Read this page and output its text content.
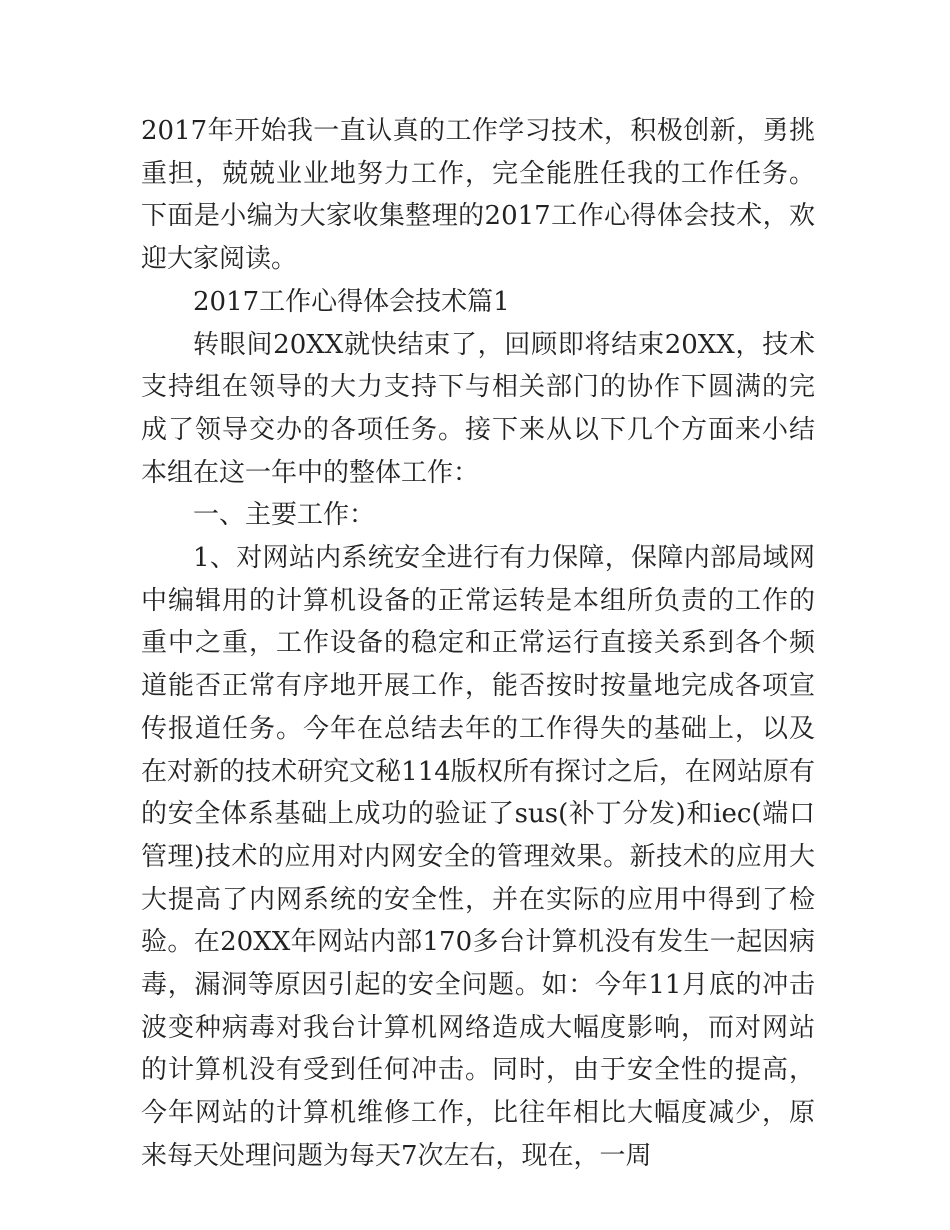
2017年开始我一直认真的工作学习技术，积极创新，勇挑重担，兢兢业业地努力工作，完全能胜任我的工作任务。下面是小编为大家收集整理的2017工作心得体会技术，欢迎大家阅读。

2017工作心得体会技术篇1

转眼间20XX就快结束了，回顾即将结束20XX，技术支持组在领导的大力支持下与相关部门的协作下圆满的完成了领导交办的各项任务。接下来从以下几个方面来小结本组在这一年中的整体工作：

一、主要工作：

1、对网站内系统安全进行有力保障，保障内部局域网中编辑用的计算机设备的正常运转是本组所负责的工作的重中之重，工作设备的稳定和正常运行直接关系到各个频道能否正常有序地开展工作，能否按时按量地完成各项宣传报道任务。今年在总结去年的工作得失的基础上，以及在对新的技术研究文秘114版权所有探讨之后，在网站原有的安全体系基础上成功的验证了sus(补丁分发)和iec(端口管理)技术的应用对内网安全的管理效果。新技术的应用大大提高了内网系统的安全性，并在实际的应用中得到了检验。在20XX年网站内部170多台计算机没有发生一起因病毒，漏洞等原因引起的安全问题。如：今年11月底的冲击波变种病毒对我台计算机网络造成大幅度影响，而对网站的计算机没有受到任何冲击。同时，由于安全性的提高，今年网站的计算机维修工作，比往年相比大幅度减少，原来每天处理问题为每天7次左右，现在，一周
